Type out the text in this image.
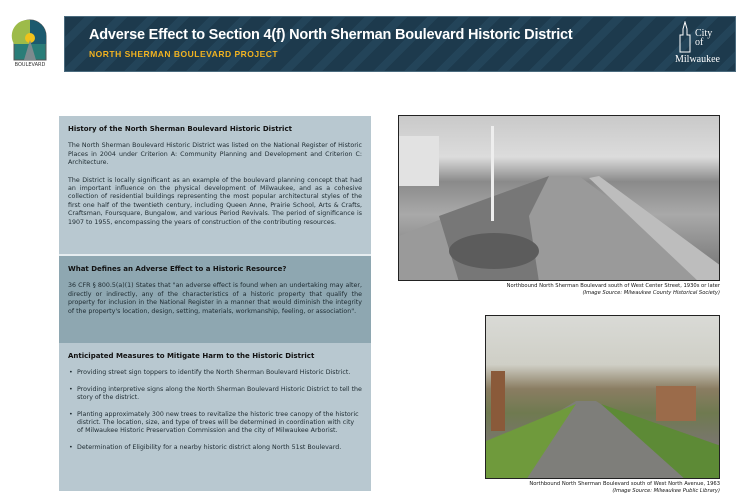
BOULEVARD
Adverse Effect to Section 4(f) North Sherman Boulevard Historic District
NORTH SHERMAN BOULEVARD PROJECT
City
of
Milwaukee
History of the North Sherman Boulevard Historic District

The North Sherman Boulevard Historic District was listed on the National Register of Historic Places in 2004 under Criterion A: Community Planning and Development and Criterion C: Architecture.

The District is locally significant as an example of the boulevard planning concept that had an important influence on the physical development of Milwaukee, and as a cohesive collection of residential buildings representing the most popular architectural styles of the first one half of the twentieth century, including Queen Anne, Prairie School, Arts & Crafts, Craftsman, Foursquare, Bungalow, and various Period Revivals. The period of significance is 1907 to 1955, encompassing the years of construction of the contributing resources.

What Defines an Adverse Effect to a Historic Resource?

36 CFR § 800.5(a)(1) States that "an adverse effect is found when an undertaking may alter, directly or indirectly, any of the characteristics of a historic property that qualify the property for inclusion in the National Register in a manner that would diminish the integrity of the property's location, design, setting, materials, workmanship, feeling, or association".

Anticipated Measures to Mitigate Harm to the Historic District
• Providing street sign toppers to identify the North Sherman Boulevard Historic District.
• Providing interpretive signs along the North Sherman Boulevard Historic District to tell the story of the district.
• Planting approximately 300 new trees to revitalize the historic tree canopy of the historic district. The location, size, and type of trees will be determined in coordination with city of Milwaukee Historic Preservation Commission and the city of Milwaukee Arborist.
• Determination of Eligibility for a nearby historic district along North 51st Boulevard.
Northbound North Sherman Boulevard south of West Center Street, 1930s or later
(Image Source: Milwaukee County Historical Society)
Northbound North Sherman Boulevard south of West North Avenue, 1963
(Image Source: Milwaukee Public Library)
